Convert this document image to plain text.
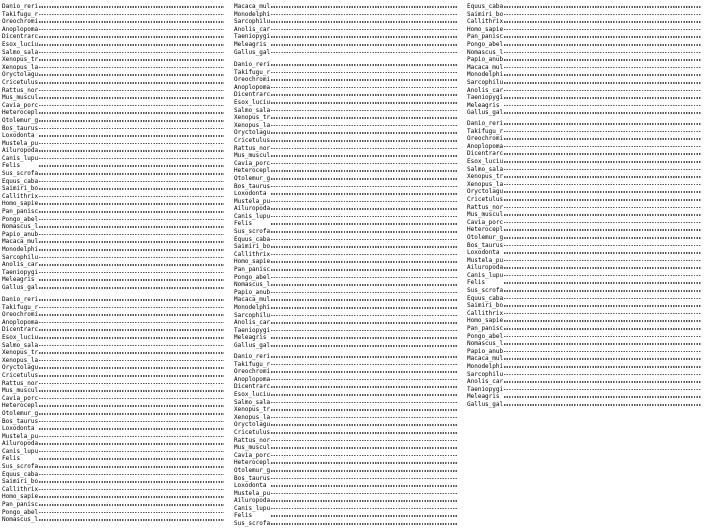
Danio_reri
Takifugu_r
Oreochromi
Anoplopoma
Dicentrarc
Esox_luciu
Salmo_sala
Xenopus_tr
Xenopus_la
Oryctolagu
Cricetulus
Rattus_nor
Mus_muscul
Cavia_porc
Heterocepl
Otolemur_g
Bos_taurus
Loxodonta
Mustela_pu
Ailuropoda
Canis_lupu
Felis
Sus_scrofa
Equus_caba
Saimiri_bo
Callithrix
Homo_sapie
Pan_panisc
Pongo_abel
Nomascus_l
Papio_anub
Macaca_mul
Monodelphi
Sarcophilu
Anolis_car
Taeniopygi
Meleagris
Gallus_gal
Danio_reri
Takifugu_r
Oreochromi
Anoplopoma
Dicentrarc
Esox_luciu
Salmo_sala
Xenopus_tr
Xenopus_la
Oryctolagu
Cricetulus
Rattus_nor
Mus_muscul
Cavia_porc
Heterocepl
Otolemur_g
Bos_taurus
Loxodonta
Mustela_pu
Ailuropoda
Canis_lupu
Felis
Sus_scrofa
Equus_caba
Saimiri_bo
Callithrix
Homo_sapie
Pan_panisc
Pongo_abel
Nomascus_l
Macaca_mul
Monodelphi
Sarcophilu
Anolis_car
Taeniopygi
Meleagris
Gallus_gal
Danio_reri
Takifugu_r
Oreochromi
Anoplopoma
Dicentrarc
Esox_luciu
Salmo_sala
Xenopus_tr
Xenopus_la
Oryctolagu
Cricetulus
Rattus_nor
Mus_muscul
Cavia_porc
Heterocepl
Otolemur_g
Bos_taurus
Loxodonta
Mustela_pu
Ailuropoda
Canis_lupu
Felis
Sus_scrofa
Equus_caba
Saimiri_bo
Callithrix
Homo_sapie
Pan_panisc
Pongo_abel
Nomascus_l
Papio_anub
Macaca_mul
Monodelphi
Sarcophilu
Anolis_car
Taeniopygi
Meleagris
Gallus_gal
Danio_reri
Takifugu_r
Oreochromi
Anoplopoma
Dicentrarc
Esox_luciu
Salmo_sala
Xenopus_tr
Xenopus_la
Oryctolagu
Cricetulus
Rattus_nor
Mus_muscul
Cavia_porc
Heterocepl
Otolemur_g
Bos_taurus
Loxodonta
Mustela_pu
Ailuropoda
Canis_lupu
Felis
Sus_scrofa
Equus_caba
Saimiri_bo
Callithrix
Homo_sapie
Pan_panisc
Pongo_abel
Nomascus_l
Papio_anub
Macaca_mul
Monodelphi
Sarcophilu
Anolis_car
Taeniopygi
Meleagris
Gallus_gal
Danio_reri
Takifugu_r
Oreochromi
Anoplopoma
Dicentrarc
Esox_luciu
Salmo_sala
Xenopus_tr
Xenopus_la
Oryctolagu
Cricetulus
Rattus_nor
Mus_muscul
Cavia_porc
Heterocepl
Otolemur_g
Bos_taurus
Loxodonta
Mustela_pu
Ailuropoda
Canis_lupu
Felis
Sus_scrofa
Equus_caba
Saimiri_bo
Callithrix
Homo_sapie
Pan_panisc
Pongo_abel
Nomascus_l
Papio_anub
Macaca_mul
Monodelphi
Sarcophilu
Anolis_car
Taeniopygi
Meleagris
Gallus_gal
